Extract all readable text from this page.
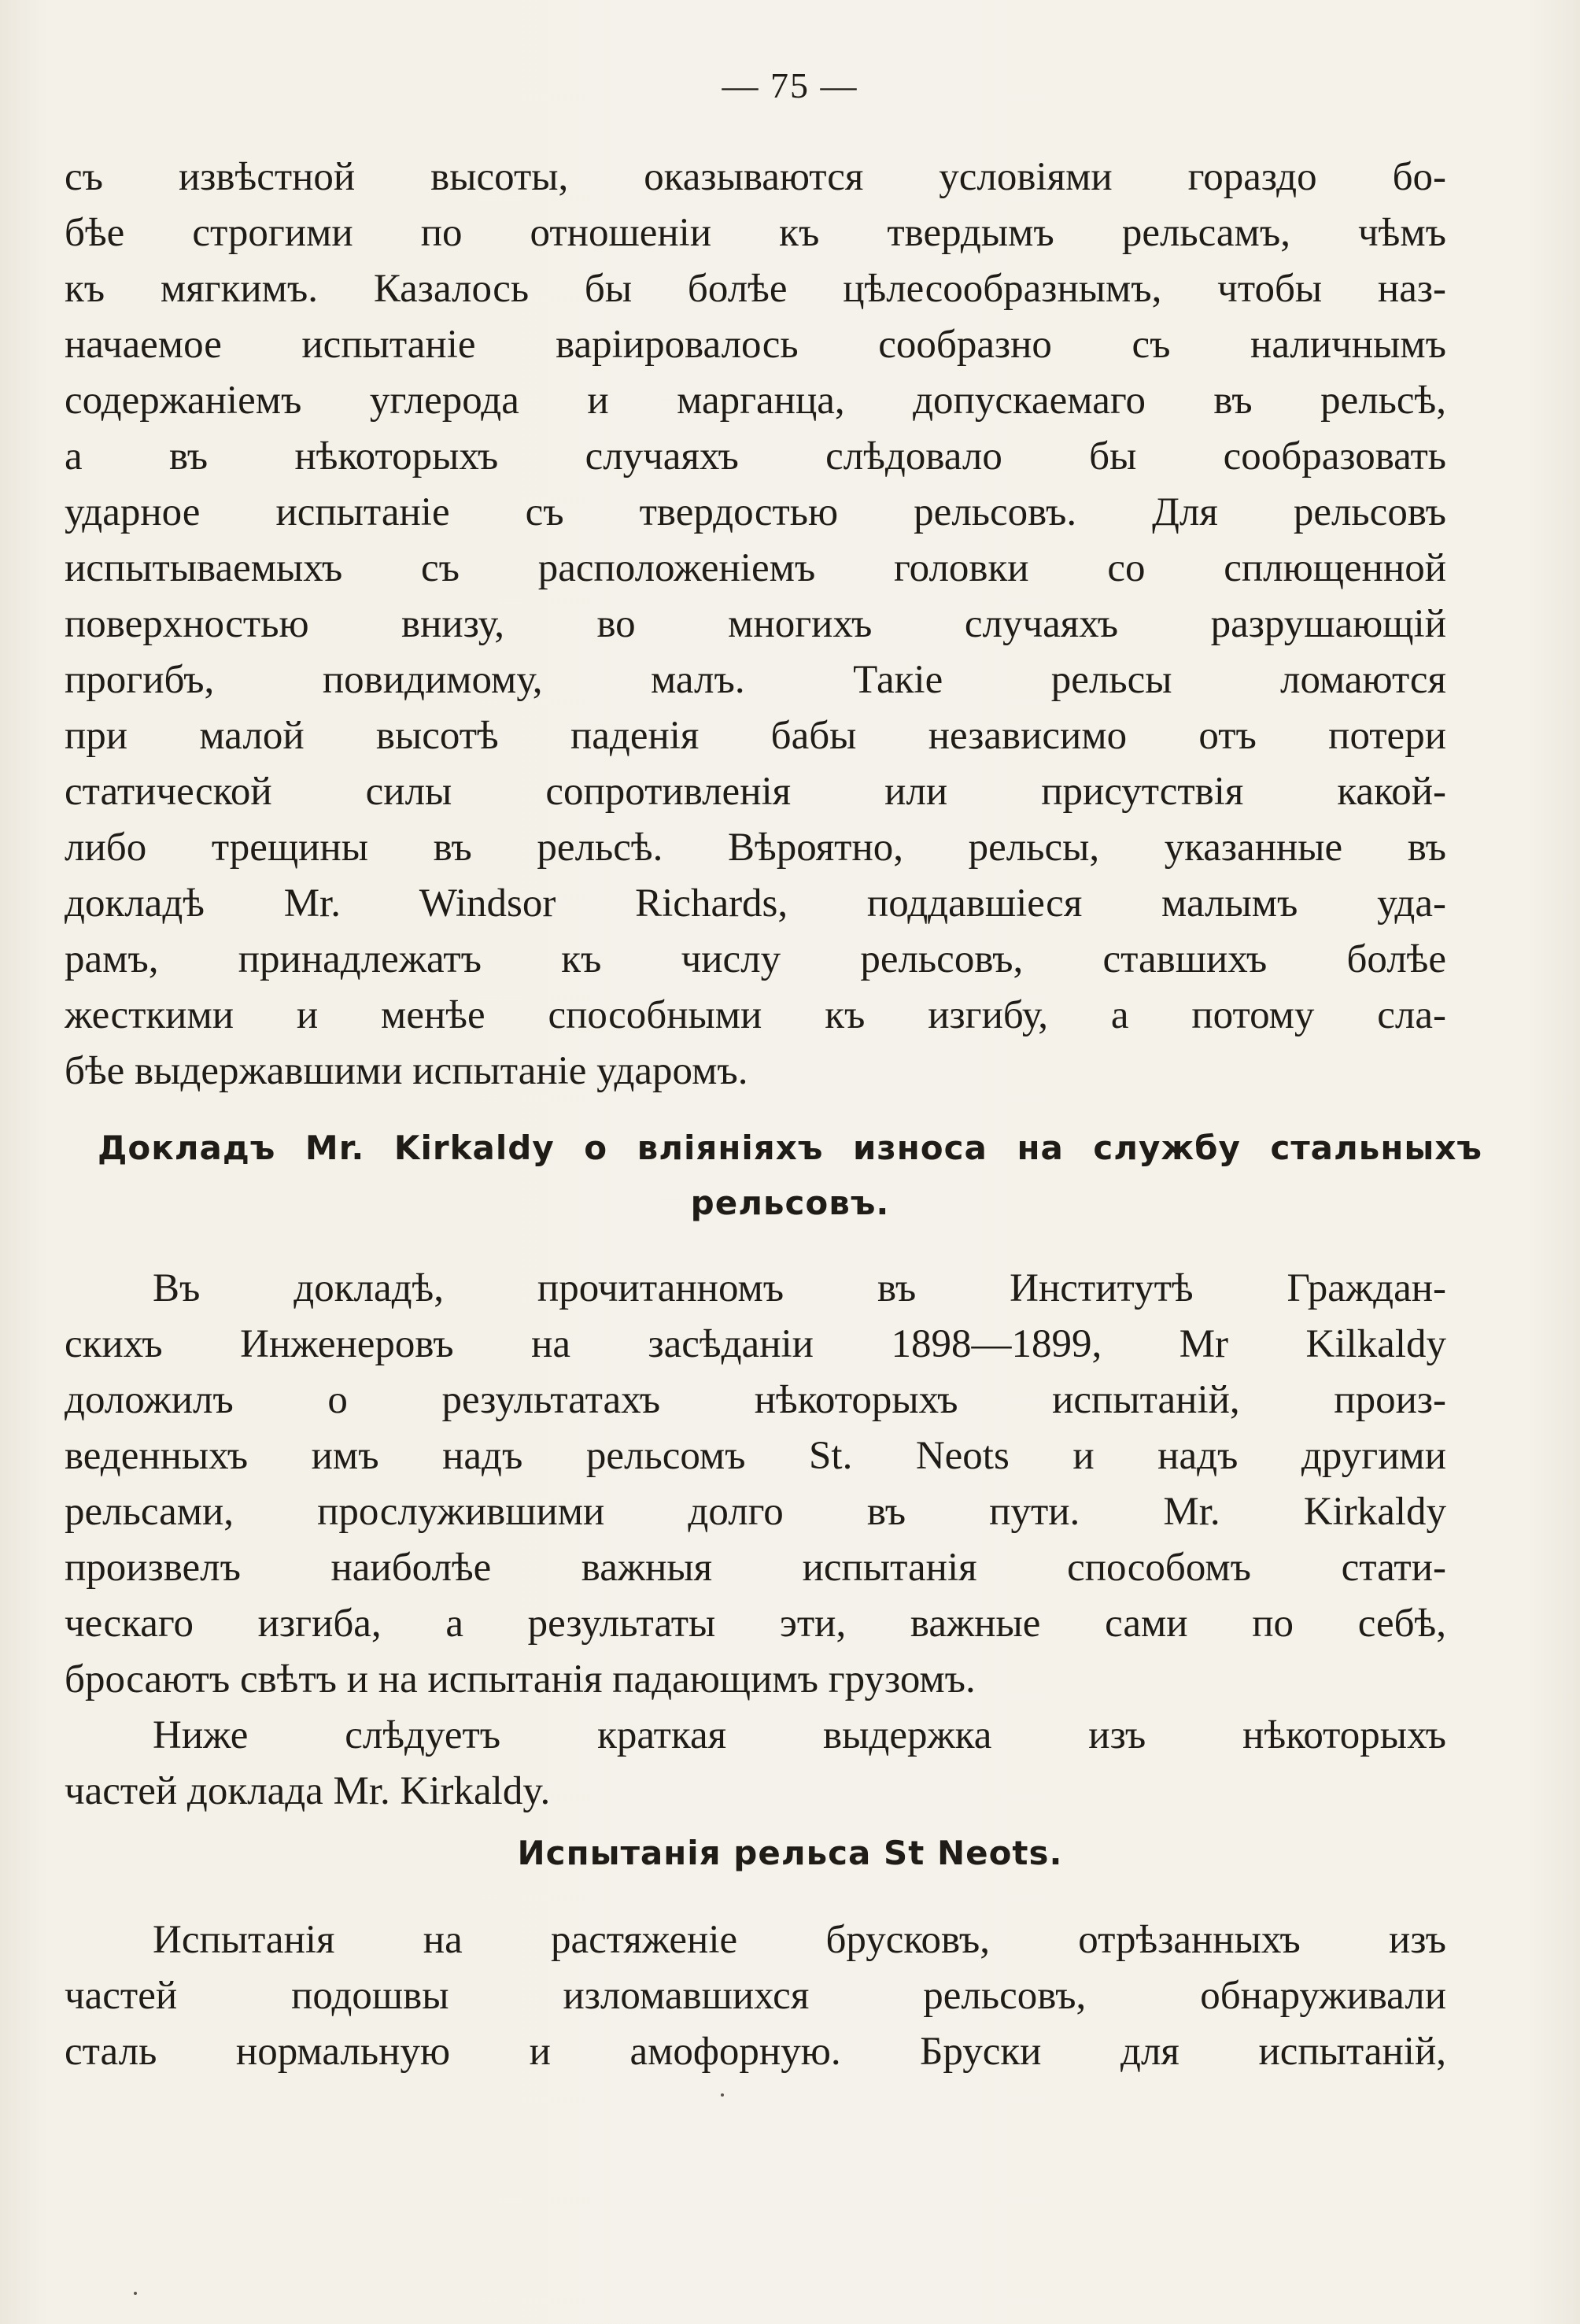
— 75 —
съ извѣстной высоты, оказываются условіями гораздо бо-
бѣе строгими по отношеніи къ твердымъ рельсамъ, чѣмъ
къ мягкимъ. Казалось бы болѣе цѣлесообразнымъ, чтобы наз-
начаемое испытаніе варіировалось сообразно съ наличнымъ
содержаніемъ углерода и марганца, допускаемаго въ рельсѣ,
а въ нѣкоторыхъ случаяхъ слѣдовало бы сообразовать
ударное испытаніе съ твердостью рельсовъ. Для рельсовъ
испытываемыхъ съ расположеніемъ головки со сплющенной
поверхностью внизу, во многихъ случаяхъ разрушающій
прогибъ, повидимому, малъ. Такіе рельсы ломаются
при малой высотѣ паденія бабы независимо отъ потери
статической силы сопротивленія или присутствія какой-
либо трещины въ рельсѣ. Вѣроятно, рельсы, указанные въ
докладѣ Mr. Windsor Richards, поддавшіеся малымъ уда-
рамъ, принадлежатъ къ числу рельсовъ, ставшихъ болѣе
жесткими и менѣе способными къ изгибу, а потому сла-
бѣе выдержавшими испытаніе ударомъ.
Докладъ Mr. Kirkaldy о вліяніяхъ износа на службу стальныхъ
рельсовъ.
Въ докладѣ, прочитанномъ въ Институтѣ Граждан-
скихъ Инженеровъ на засѣданіи 1898—1899, Mr Kilkaldy
доложилъ о результатахъ нѣкоторыхъ испытаній, произ-
веденныхъ имъ надъ рельсомъ St. Neots и надъ другими
рельсами, прослужившими долго въ пути. Mr. Kirkaldy
произвелъ наиболѣе важныя испытанія способомъ стати-
ческаго изгиба, а результаты эти, важные сами по себѣ,
бросаютъ свѣтъ и на испытанія падающимъ грузомъ.
Ниже слѣдуетъ краткая выдержка изъ нѣкоторыхъ
частей доклада Mr. Kirkaldy.
Испытанія рельса St Neots.
Испытанія на растяженіе брусковъ, отрѣзанныхъ изъ
частей подошвы изломавшихся рельсовъ, обнаруживали
сталь нормальную и амофорную. Бруски для испытаній,
